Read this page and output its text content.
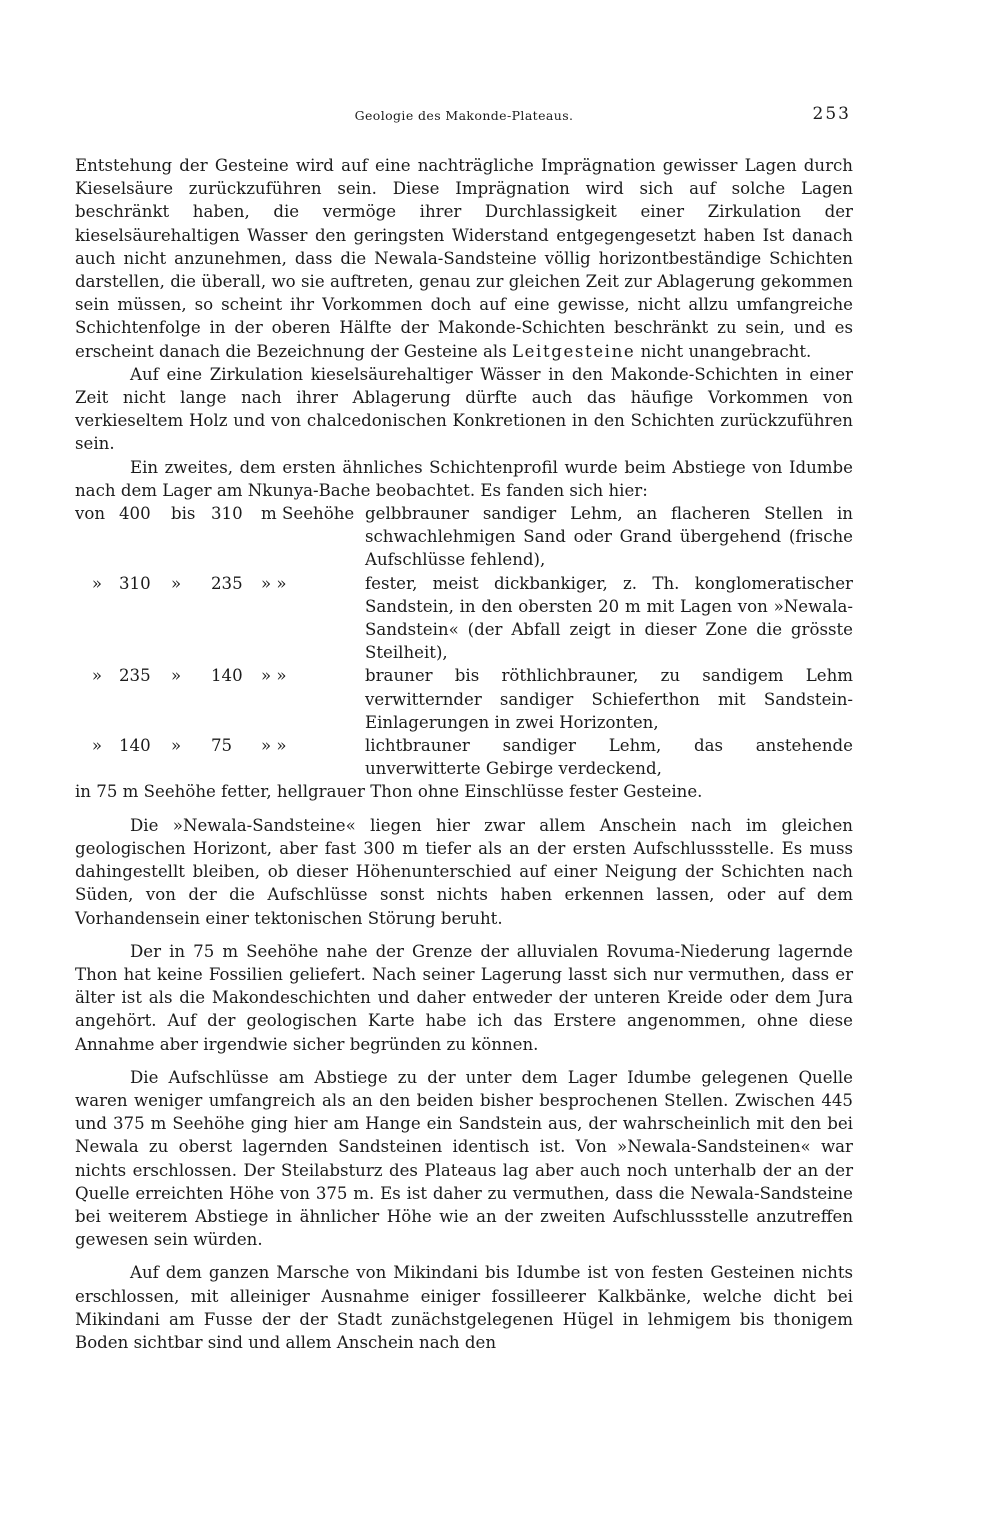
Geologie des Makonde-Plateaus.	253

Entstehung der Gesteine wird auf eine nachträgliche Imprägnation gewisser Lagen durch Kieselsäure zurückzuführen sein. Diese Imprägnation wird sich auf solche Lagen beschränkt haben, die vermöge ihrer Durchlassigkeit einer Zirkulation der kieselsäurehaltigen Wasser den geringsten Widerstand entgegengesetzt haben Ist danach auch nicht anzunehmen, dass die Newala-Sandsteine völlig horizontbeständige Schichten darstellen, die überall, wo sie auftreten, genau zur gleichen Zeit zur Ablagerung gekommen sein müssen, so scheint ihr Vorkommen doch auf eine gewisse, nicht allzu umfangreiche Schichtenfolge in der oberen Hälfte der Makonde-Schichten beschränkt zu sein, und es erscheint danach die Bezeichnung der Gesteine als Leitgesteine nicht unangebracht.

Auf eine Zirkulation kieselsäurehaltiger Wässer in den Makonde-Schichten in einer Zeit nicht lange nach ihrer Ablagerung dürfte auch das häufige Vorkommen von verkieseltem Holz und von chalcedonischen Konkretionen in den Schichten zurückzuführen sein.

Ein zweites, dem ersten ähnliches Schichtenprofil wurde beim Abstiege von Idumbe nach dem Lager am Nkunya-Bache beobachtet. Es fanden sich hier:

von 400	bis 310	m Seehöhe gelbbrauner sandiger Lehm, an flacheren Stellen in schwachlehmigen Sand oder Grand übergehend (frische Aufschlüsse fehlend),
»	310	»	235	» »	fester, meist dickbankiger, z. Th. konglomeratischer Sandstein, in den obersten 20 m mit Lagen von »Newala-Sandstein« (der Abfall zeigt in dieser Zone die grösste Steilheit),
»	235	»	140	» »	brauner bis röthlichbrauner, zu sandigem Lehm verwitternder sandiger Schieferthon mit Sandstein-Einlagerungen in zwei Horizonten,
»	140	»	75	» »	lichtbrauner sandiger Lehm, das anstehende unverwitterte Gebirge verdeckend,

in 75 m Seehöhe fetter, hellgrauer Thon ohne Einschlüsse fester Gesteine.

Die »Newala-Sandsteine« liegen hier zwar allem Anschein nach im gleichen geologischen Horizont, aber fast 300 m tiefer als an der ersten Aufschlussstelle. Es muss dahingestellt bleiben, ob dieser Höhenunterschied auf einer Neigung der Schichten nach Süden, von der die Aufschlüsse sonst nichts haben erkennen lassen, oder auf dem Vorhandensein einer tektonischen Störung beruht.

Der in 75 m Seehöhe nahe der Grenze der alluvialen Rovuma-Niederung lagernde Thon hat keine Fossilien geliefert. Nach seiner Lagerung lasst sich nur vermuthen, dass er älter ist als die Makondeschichten und daher entweder der unteren Kreide oder dem Jura angehört. Auf der geologischen Karte habe ich das Erstere angenommen, ohne diese Annahme aber irgendwie sicher begründen zu können.

Die Aufschlüsse am Abstiege zu der unter dem Lager Idumbe gelegenen Quelle waren weniger umfangreich als an den beiden bisher besprochenen Stellen. Zwischen 445 und 375 m Seehöhe ging hier am Hange ein Sandstein aus, der wahrscheinlich mit den bei Newala zu oberst lagernden Sandsteinen identisch ist. Von »Newala-Sandsteinen« war nichts erschlossen. Der Steilabsturz des Plateaus lag aber auch noch unterhalb der an der Quelle erreichten Höhe von 375 m. Es ist daher zu vermuthen, dass die Newala-Sandsteine bei weiterem Abstiege in ähnlicher Höhe wie an der zweiten Aufschlussstelle anzutreffen gewesen sein würden.

Auf dem ganzen Marsche von Mikindani bis Idumbe ist von festen Gesteinen nichts erschlossen, mit alleiniger Ausnahme einiger fossilleerer Kalkbänke, welche dicht bei Mikindani am Fusse der der Stadt zunächstgelegenen Hügel in lehmigem bis thonigem Boden sichtbar sind und allem Anschein nach den
